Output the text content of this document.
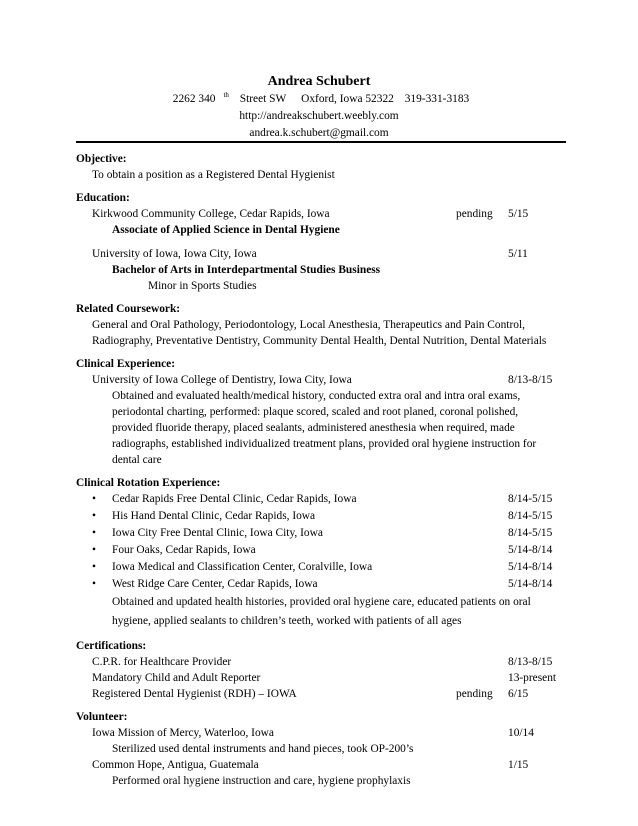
Andrea Schubert
2262 340 $^{th}$ Street SW Oxford, Iowa 52322 319-331-3183
http://andreakschubert.weebly.com
andrea.k.schubert@gmail.com
Objective:
To obtain a position as a Registered Dental Hygienist
Education:
Kirkwood Community College, Cedar Rapids, Iowa	pending 5/15
Associate of Applied Science in Dental Hygiene
University of Iowa, Iowa City, Iowa	5/11
Bachelor of Arts in Interdepartmental Studies Business
Minor in Sports Studies
Related Coursework:
General and Oral Pathology, Periodontology, Local Anesthesia, Therapeutics and Pain Control,
Radiography, Preventative Dentistry, Community Dental Health, Dental Nutrition, Dental Materials
Clinical Experience:
University of Iowa College of Dentistry, Iowa City, Iowa	8/13-8/15
Obtained and evaluated health/medical history, conducted extra oral and intra oral exams,
periodontal charting, performed: plaque scored, scaled and root planed, coronal polished,
provided fluoride therapy, placed sealants, administered anesthesia when required, made
radiographs, established individualized treatment plans, provided oral hygiene instruction for
dental care
Clinical Rotation Experience:
• Cedar Rapids Free Dental Clinic, Cedar Rapids, Iowa	8/14-5/15
• His Hand Dental Clinic, Cedar Rapids, Iowa	8/14-5/15
• Iowa City Free Dental Clinic, Iowa City, Iowa	8/14-5/15
• Four Oaks, Cedar Rapids, Iowa	5/14-8/14
• Iowa Medical and Classification Center, Coralville, Iowa	5/14-8/14
• West Ridge Care Center, Cedar Rapids, Iowa	5/14-8/14
Obtained and updated health histories, provided oral hygiene care, educated patients on oral
hygiene, applied sealants to children’s teeth, worked with patients of all ages
Certifications:
C.P.R. for Healthcare Provider	8/13-8/15
Mandatory Child and Adult Reporter	13-present
Registered Dental Hygienist (RDH) – IOWA	pending 6/15
Volunteer:
Iowa Mission of Mercy, Waterloo, Iowa	10/14
Sterilized used dental instruments and hand pieces, took OP-200’s
Common Hope, Antigua, Guatemala	1/15
Performed oral hygiene instruction and care, hygiene prophylaxis
